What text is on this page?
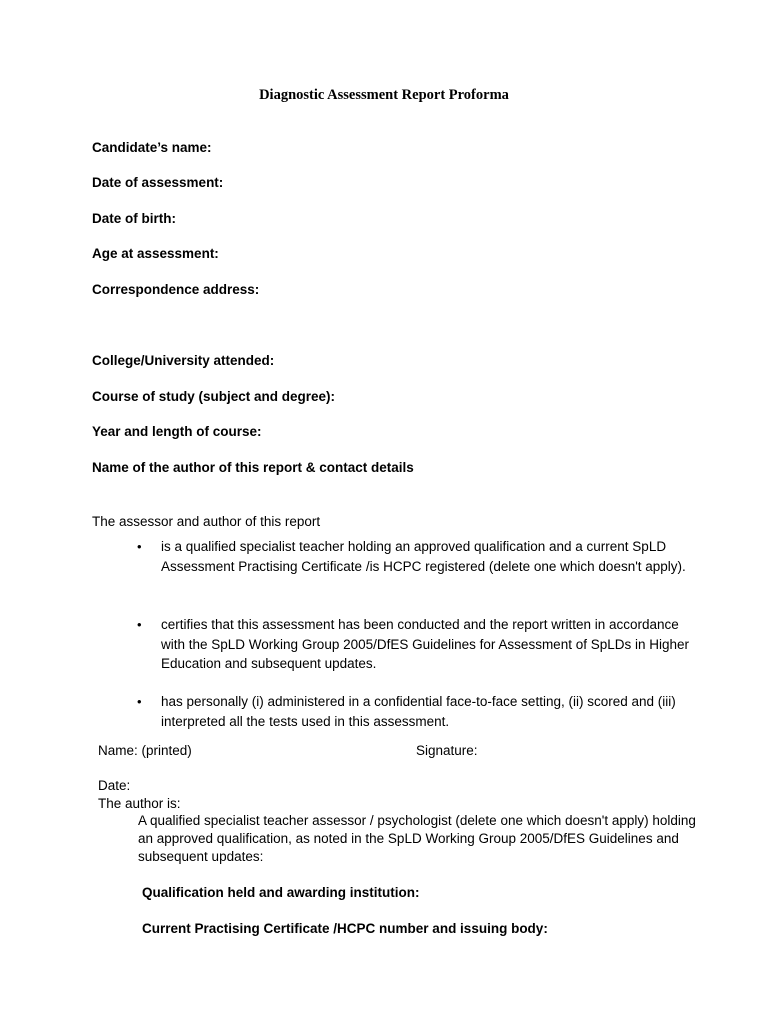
Diagnostic Assessment Report Proforma
Candidate’s name:
Date of assessment:
Date of birth:
Age at assessment:
Correspondence address:
College/University attended:
Course of study (subject and degree):
Year and length of course:
Name of the author of this report & contact details
The assessor and author of this report
• is a qualified specialist teacher holding an approved qualification and a current SpLD Assessment Practising Certificate /is HCPC registered (delete one which doesn't apply).
• certifies that this assessment has been conducted and the report written in accordance with the SpLD Working Group 2005/DfES Guidelines for Assessment of SpLDs in Higher Education and subsequent updates.
• has personally (i) administered in a confidential face-to-face setting, (ii) scored and (iii) interpreted all the tests used in this assessment.
Name: (printed)	Signature:
Date:
The author is:
A qualified specialist teacher assessor / psychologist (delete one which doesn't apply) holding an approved qualification, as noted in the SpLD Working Group 2005/DfES Guidelines and subsequent updates:
Qualification held and awarding institution:
Current Practising Certificate /HCPC number and issuing body:
